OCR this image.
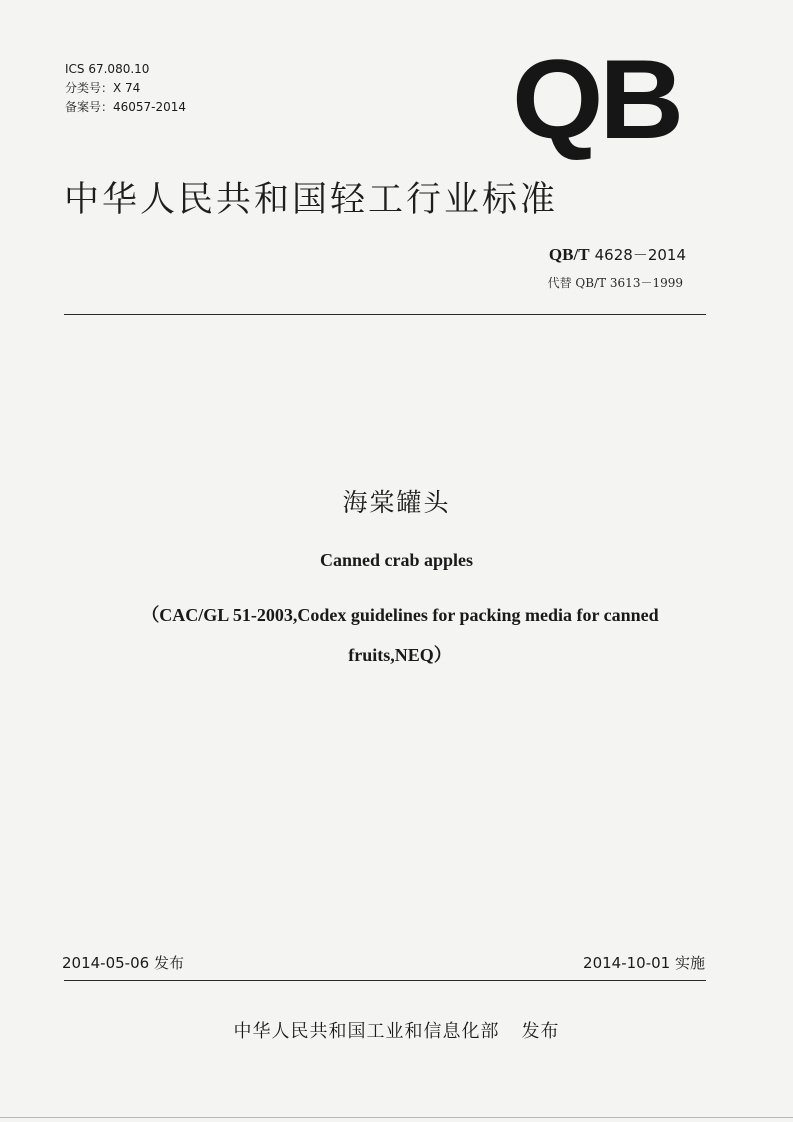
ICS 67.080.10
分类号：X 74
备案号：46057-2014	QB
中华人民共和国轻工行业标准
QB/T 4628－2014
代替 QB/T 3613－1999
海棠罐头
Canned crab apples
（CAC/GL 51-2003,Codex guidelines for packing media for canned
fruits,NEQ）
2014-05-06 发布	2014-10-01 实施
中华人民共和国工业和信息化部 发布
